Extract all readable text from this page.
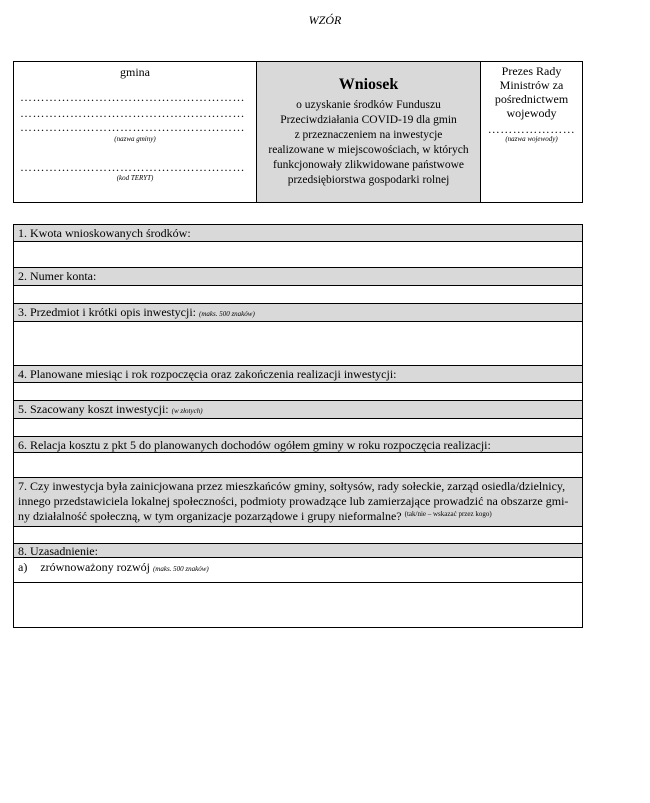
WZÓR
gmina
………………………………………………
………………………………………………
………………………………………………
(nazwa gminy)
………………………………………………
(kod TERYT)
Wniosek
o uzyskanie środków Funduszu
Przeciwdziałania COVID-19 dla gmin
z przeznaczeniem na inwestycje
realizowane w miejscowościach, w których
funkcjonowały zlikwidowane państwowe
przedsiębiorstwa gospodarki rolnej
Prezes Rady
Ministrów za
pośrednictwem
wojewody
…………………
(nazwa wojewody)
1. Kwota wnioskowanych środków:
2. Numer konta:
3. Przedmiot i krótki opis inwestycji: (maks. 500 znaków)
4. Planowane miesiąc i rok rozpoczęcia oraz zakończenia realizacji inwestycji:
5. Szacowany koszt inwestycji: (w złotych)
6. Relacja kosztu z pkt 5 do planowanych dochodów ogółem gminy w roku rozpoczęcia realizacji:
7. Czy inwestycja była zainicjowana przez mieszkańców gminy, sołtysów, rady sołeckie, zarząd osiedla/dzielnicy,
innego przedstawiciela lokalnej społeczności, podmioty prowadzące lub zamierzające prowadzić na obszarze gmi-
ny działalność społeczną, w tym organizacje pozarządowe i grupy nieformalne? $^{(tak/nie - wskazać przez kogo)}$
8. Uzasadnienie:
a) zrównoważony rozwój (maks. 500 znaków)
